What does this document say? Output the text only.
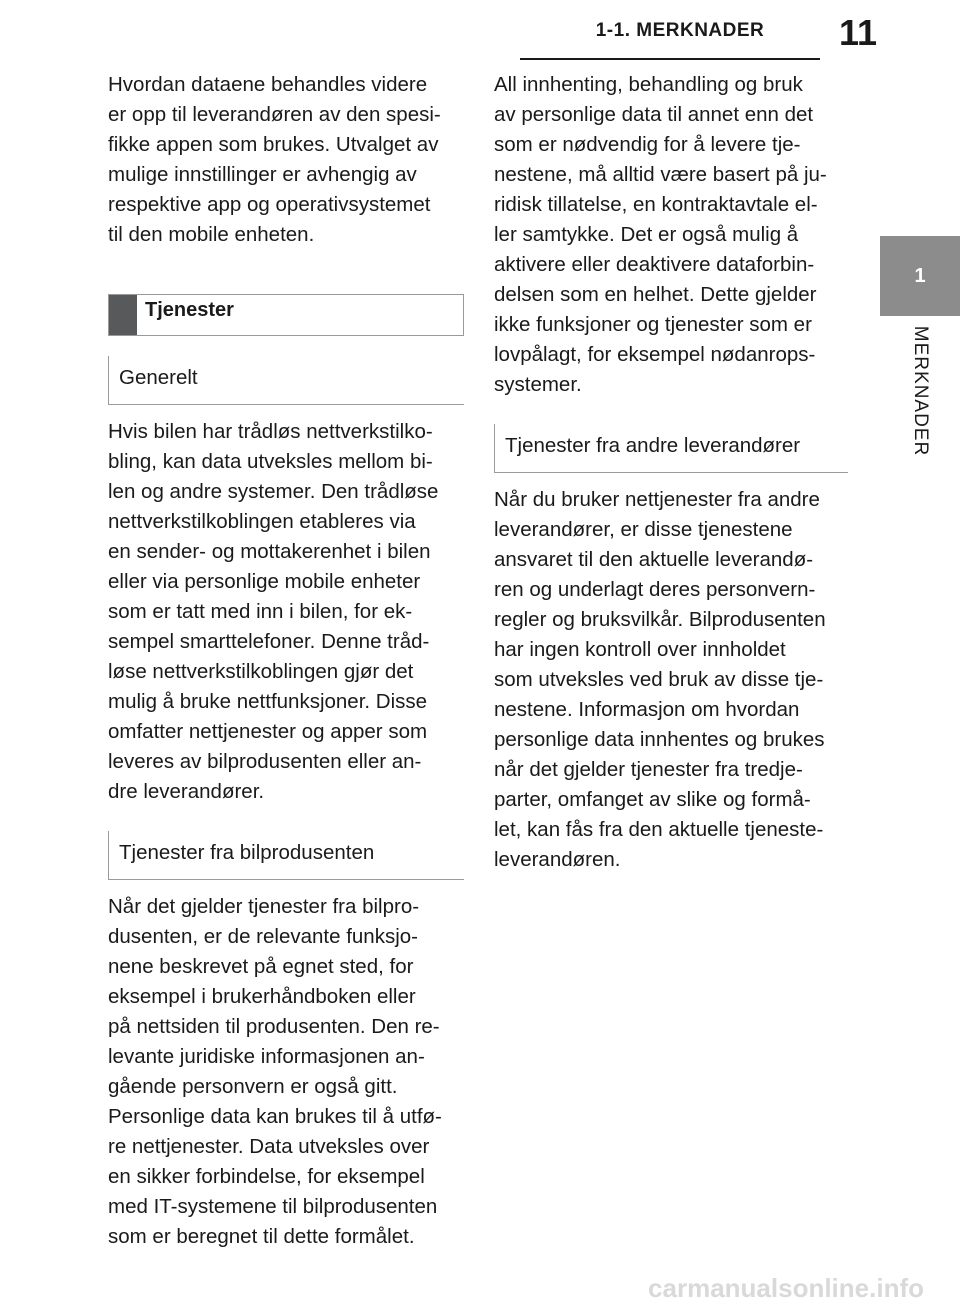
1-1. MERKNADER	11
1
MERKNADER

Hvordan dataene behandles videre
er opp til leverandøren av den spesi-
fikke appen som brukes. Utvalget av
mulige innstillinger er avhengig av
respektive app og operativsystemet
til den mobile enheten.

Tjenester
Generelt

Hvis bilen har trådløs nettverkstilko-
bling, kan data utveksles mellom bi-
len og andre systemer. Den trådløse
nettverkstilkoblingen etableres via
en sender- og mottakerenhet i bilen
eller via personlige mobile enheter
som er tatt med inn i bilen, for ek-
sempel smarttelefoner. Denne tråd-
løse nettverkstilkoblingen gjør det
mulig å bruke nettfunksjoner. Disse
omfatter nettjenester og apper som
leveres av bilprodusenten eller an-
dre leverandører.

Tjenester fra bilprodusenten

Når det gjelder tjenester fra bilpro-
dusenten, er de relevante funksjo-
nene beskrevet på egnet sted, for
eksempel i brukerhåndboken eller
på nettsiden til produsenten. Den re-
levante juridiske informasjonen an-
gående personvern er også gitt.
Personlige data kan brukes til å utfø-
re nettjenester. Data utveksles over
en sikker forbindelse, for eksempel
med IT-systemene til bilprodusenten
som er beregnet til dette formålet.

All innhenting, behandling og bruk
av personlige data til annet enn det
som er nødvendig for å levere tje-
nestene, må alltid være basert på ju-
ridisk tillatelse, en kontraktavtale el-
ler samtykke. Det er også mulig å
aktivere eller deaktivere dataforbin-
delsen som en helhet. Dette gjelder
ikke funksjoner og tjenester som er
lovpålagt, for eksempel nødanrops-
systemer.

Tjenester fra andre leverandører

Når du bruker nettjenester fra andre
leverandører, er disse tjenestene
ansvaret til den aktuelle leverandø-
ren og underlagt deres personvern-
regler og bruksvilkår. Bilprodusenten
har ingen kontroll over innholdet
som utveksles ved bruk av disse tje-
nestene. Informasjon om hvordan
personlige data innhentes og brukes
når det gjelder tjenester fra tredje-
parter, omfanget av slike og formå-
let, kan fås fra den aktuelle tjeneste-
leverandøren.

carmanualsonline.info
